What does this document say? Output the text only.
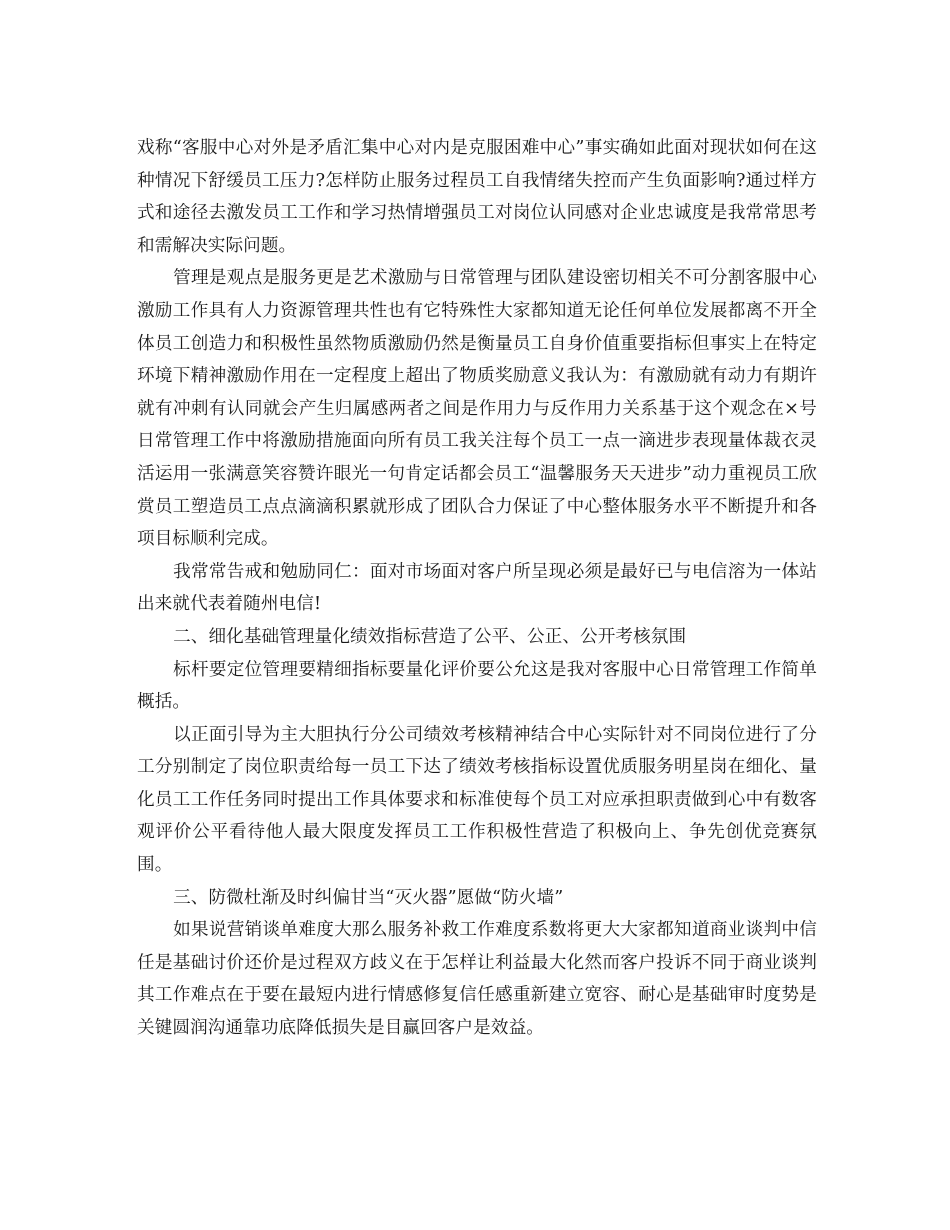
戏称“客服中心对外是矛盾汇集中心对内是克服困难中心”事实确如此面对现状如何在这种情况下舒缓员工压力?怎样防止服务过程员工自我情绪失控而产生负面影响?通过样方式和途径去激发员工工作和学习热情增强员工对岗位认同感对企业忠诚度是我常常思考和需解决实际问题。

管理是观点是服务更是艺术激励与日常管理与团队建设密切相关不可分割客服中心激励工作具有人力资源管理共性也有它特殊性大家都知道无论任何单位发展都离不开全体员工创造力和积极性虽然物质激励仍然是衡量员工自身价值重要指标但事实上在特定环境下精神激励作用在一定程度上超出了物质奖励意义我认为：有激励就有动力有期许就有冲刺有认同就会产生归属感两者之间是作用力与反作用力关系基于这个观念在×号日常管理工作中将激励措施面向所有员工我关注每个员工一点一滴进步表现量体裁衣灵活运用一张满意笑容赞许眼光一句肯定话都会员工“温馨服务天天进步”动力重视员工欣赏员工塑造员工点点滴滴积累就形成了团队合力保证了中心整体服务水平不断提升和各项目标顺利完成。

我常常告戒和勉励同仁：面对市场面对客户所呈现必须是最好已与电信溶为一体站出来就代表着随州电信!

二、细化基础管理量化绩效指标营造了公平、公正、公开考核氛围

标杆要定位管理要精细指标要量化评价要公允这是我对客服中心日常管理工作简单概括。

以正面引导为主大胆执行分公司绩效考核精神结合中心实际针对不同岗位进行了分工分别制定了岗位职责给每一员工下达了绩效考核指标设置优质服务明星岗在细化、量化员工工作任务同时提出工作具体要求和标准使每个员工对应承担职责做到心中有数客观评价公平看待他人最大限度发挥员工工作积极性营造了积极向上、争先创优竞赛氛围。

三、防微杜渐及时纠偏甘当“灭火器”愿做“防火墙”

如果说营销谈单难度大那么服务补救工作难度系数将更大大家都知道商业谈判中信任是基础讨价还价是过程双方歧义在于怎样让利益最大化然而客户投诉不同于商业谈判其工作难点在于要在最短内进行情感修复信任感重新建立宽容、耐心是基础审时度势是关键圆润沟通靠功底降低损失是目赢回客户是效益。
